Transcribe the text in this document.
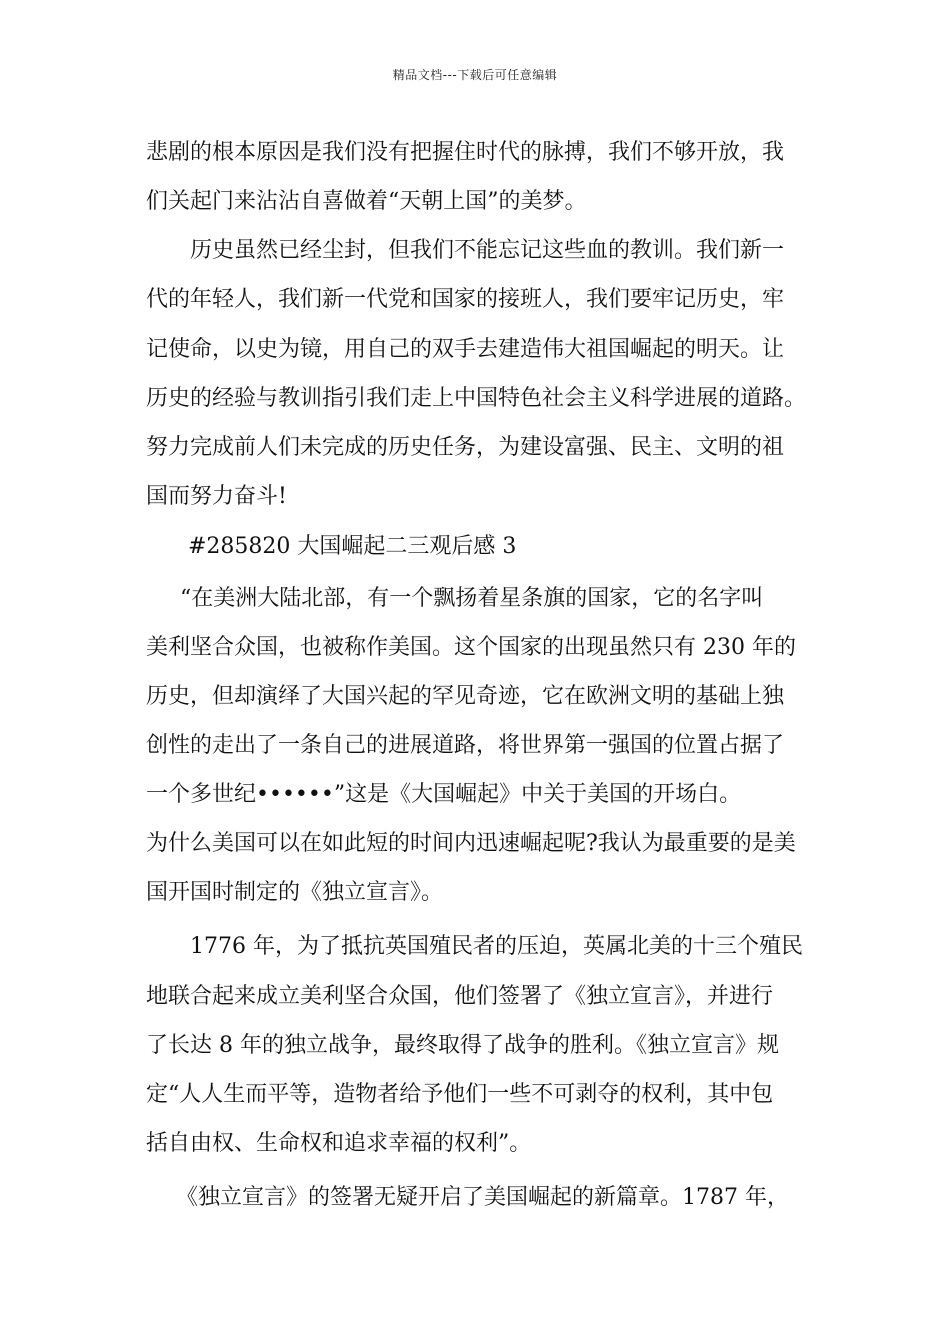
精品文档---下载后可任意编辑
悲剧的根本原因是我们没有把握住时代的脉搏，我们不够开放，我
们关起门来沾沾自喜做着“天朝上国”的美梦。
历史虽然已经尘封，但我们不能忘记这些血的教训。我们新一
代的年轻人，我们新一代党和国家的接班人，我们要牢记历史，牢
记使命，以史为镜，用自己的双手去建造伟大祖国崛起的明天。让
历史的经验与教训指引我们走上中国特色社会主义科学进展的道路。
努力完成前人们未完成的历史任务，为建设富强、民主、文明的祖
国而努力奋斗!
#285820 大国崛起二三观后感 3
“在美洲大陆北部，有一个飘扬着星条旗的国家，它的名字叫
美利坚合众国，也被称作美国。这个国家的出现虽然只有 230 年的
历史，但却演绎了大国兴起的罕见奇迹，它在欧洲文明的基础上独
创性的走出了一条自己的进展道路，将世界第一强国的位置占据了
一个多世纪••••••”这是《大国崛起》中关于美国的开场白。
为什么美国可以在如此短的时间内迅速崛起呢?我认为最重要的是美
国开国时制定的《独立宣言》。
1776 年，为了抵抗英国殖民者的压迫，英属北美的十三个殖民
地联合起来成立美利坚合众国，他们签署了《独立宣言》，并进行
了长达 8 年的独立战争，最终取得了战争的胜利。《独立宣言》规
定“人人生而平等，造物者给予他们一些不可剥夺的权利，其中包
括自由权、生命权和追求幸福的权利”。
《独立宣言》的签署无疑开启了美国崛起的新篇章。1787 年，
